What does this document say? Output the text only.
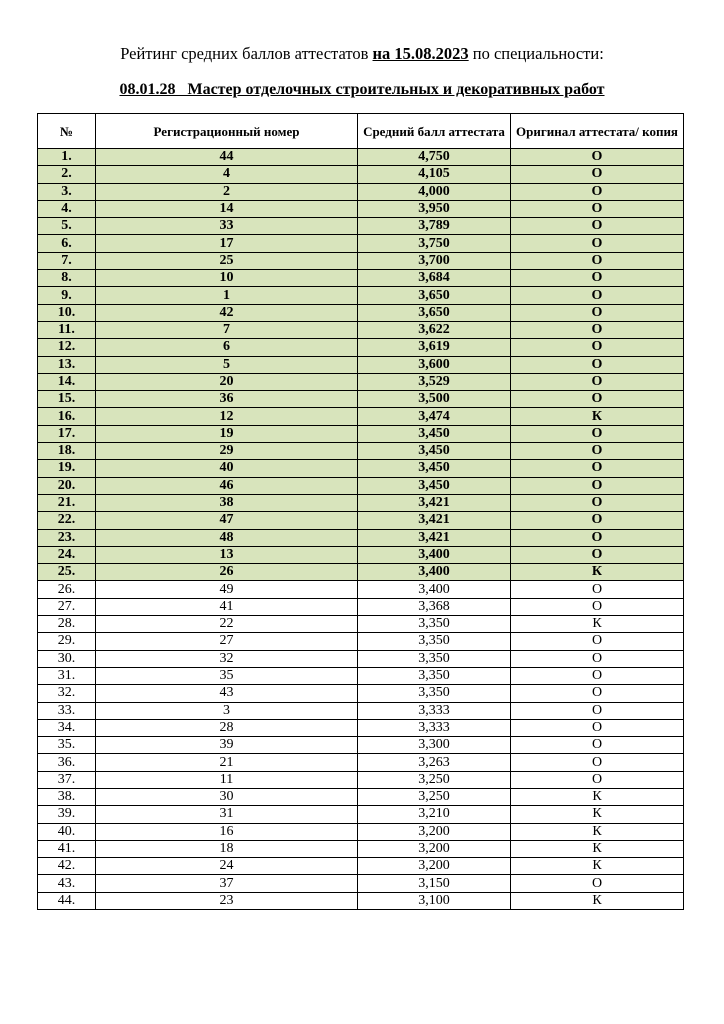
Рейтинг средних баллов аттестатов на 15.08.2023 по специальности:
08.01.28   Мастер отделочных строительных и декоративных работ
№	Регистрационный номер	Средний балл аттестата	Оригинал аттестата/ копия
1.	44	4,750	О
2.	4	4,105	О
3.	2	4,000	О
4.	14	3,950	О
5.	33	3,789	О
6.	17	3,750	О
7.	25	3,700	О
8.	10	3,684	О
9.	1	3,650	О
10.	42	3,650	О
11.	7	3,622	О
12.	6	3,619	О
13.	5	3,600	О
14.	20	3,529	О
15.	36	3,500	О
16.	12	3,474	К
17.	19	3,450	О
18.	29	3,450	О
19.	40	3,450	О
20.	46	3,450	О
21.	38	3,421	О
22.	47	3,421	О
23.	48	3,421	О
24.	13	3,400	О
25.	26	3,400	К
26.	49	3,400	О
27.	41	3,368	О
28.	22	3,350	К
29.	27	3,350	О
30.	32	3,350	О
31.	35	3,350	О
32.	43	3,350	О
33.	3	3,333	О
34.	28	3,333	О
35.	39	3,300	О
36.	21	3,263	О
37.	11	3,250	О
38.	30	3,250	К
39.	31	3,210	К
40.	16	3,200	К
41.	18	3,200	К
42.	24	3,200	К
43.	37	3,150	О
44.	23	3,100	К
